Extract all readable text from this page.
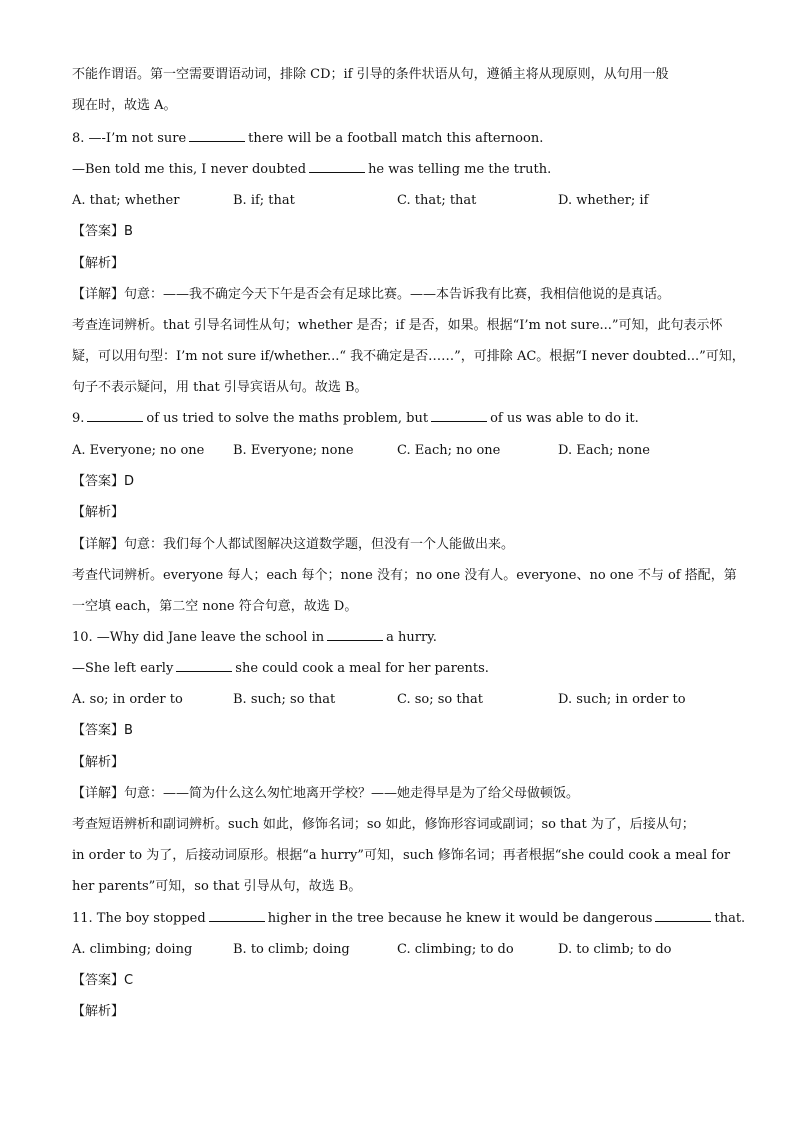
不能作谓语。第一空需要谓语动词，排除 CD；if 引导的条件状语从句，遵循主将从现原则，从句用一般
现在时，故选 A。
8. —-I’m not sure	there will be a football match this afternoon.
—Ben told me this, I never doubted	he was telling me the truth.
A. that; whether	B. if; that	C. that; that	D. whether; if
【答案】B
【解析】
【详解】句意：——我不确定今天下午是否会有足球比赛。——本告诉我有比赛，我相信他说的是真话。
考查连词辨析。that 引导名词性从句；whether 是否；if 是否，如果。根据“I’m not sure...”可知，此句表示怀
疑，可以用句型：I’m not sure if/whether...“ 我不确定是否……”，可排除 AC。根据“I never doubted...”可知，
句子不表示疑问，用 that 引导宾语从句。故选 B。
9.	of us tried to solve the maths problem, but	of us was able to do it.
A. Everyone; no one B. Everyone; none	C. Each; no one	D. Each; none
【答案】D
【解析】
【详解】句意：我们每个人都试图解决这道数学题，但没有一个人能做出来。
考查代词辨析。everyone 每人；each 每个；none 没有；no one 没有人。everyone、no one 不与 of 搭配，第
一空填 each，第二空 none 符合句意，故选 D。
10. —Why did Jane leave the school in	a hurry.
—She left early	she could cook a meal for her parents.
A. so; in order to	B. such; so that	C. so; so that	D. such; in order to
【答案】B
【解析】
【详解】句意：——简为什么这么匆忙地离开学校？——她走得早是为了给父母做顿饭。
考查短语辨析和副词辨析。such 如此，修饰名词；so 如此，修饰形容词或副词；so that 为了，后接从句；
in order to 为了，后接动词原形。根据“a hurry”可知，such 修饰名词；再者根据“she could cook a meal for
her parents”可知，so that 引导从句，故选 B。
11. The boy stopped	higher in the tree because he knew it would be dangerous	that.
A. climbing; doing	B. to climb; doing	C. climbing; to do	D. to climb; to do
【答案】C
【解析】
